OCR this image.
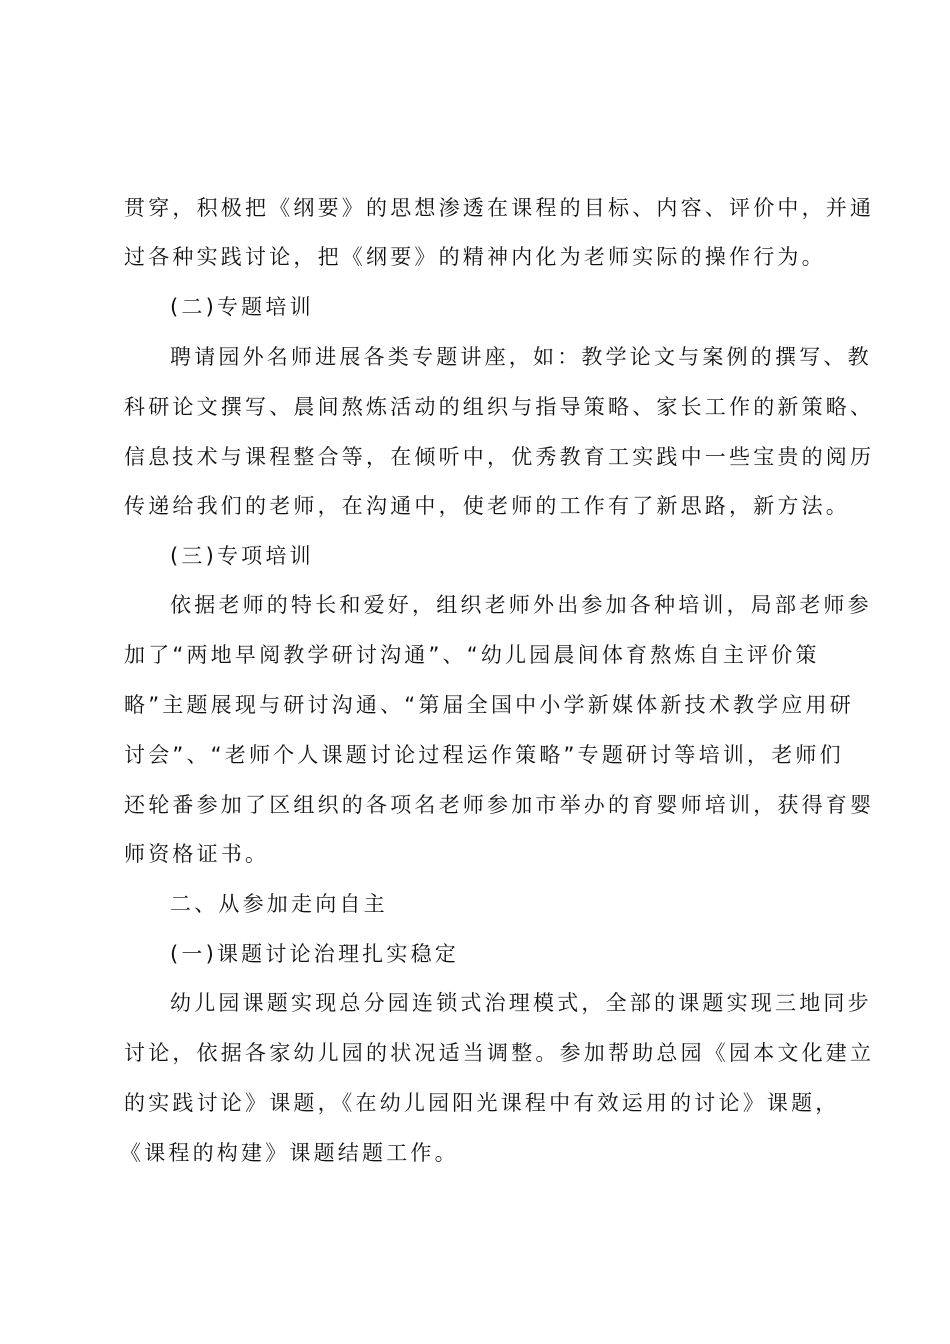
贯穿，积极把《纲要》的思想渗透在课程的目标、内容、评价中，并通
过各种实践讨论，把《纲要》的精神内化为老师实际的操作行为。
(二)专题培训
聘请园外名师进展各类专题讲座，如：教学论文与案例的撰写、教
科研论文撰写、晨间熬炼活动的组织与指导策略、家长工作的新策略、
信息技术与课程整合等，在倾听中，优秀教育工实践中一些宝贵的阅历
传递给我们的老师，在沟通中，使老师的工作有了新思路，新方法。
(三)专项培训
依据老师的特长和爱好，组织老师外出参加各种培训，局部老师参
加了“两地早阅教学研讨沟通”、“幼儿园晨间体育熬炼自主评价策
略”主题展现与研讨沟通、“第届全国中小学新媒体新技术教学应用研
讨会”、“老师个人课题讨论过程运作策略”专题研讨等培训，老师们
还轮番参加了区组织的各项名老师参加市举办的育婴师培训，获得育婴
师资格证书。
二、从参加走向自主
(一)课题讨论治理扎实稳定
幼儿园课题实现总分园连锁式治理模式，全部的课题实现三地同步
讨论，依据各家幼儿园的状况适当调整。参加帮助总园《园本文化建立
的实践讨论》课题，《在幼儿园阳光课程中有效运用的讨论》课题，
《课程的构建》课题结题工作。
